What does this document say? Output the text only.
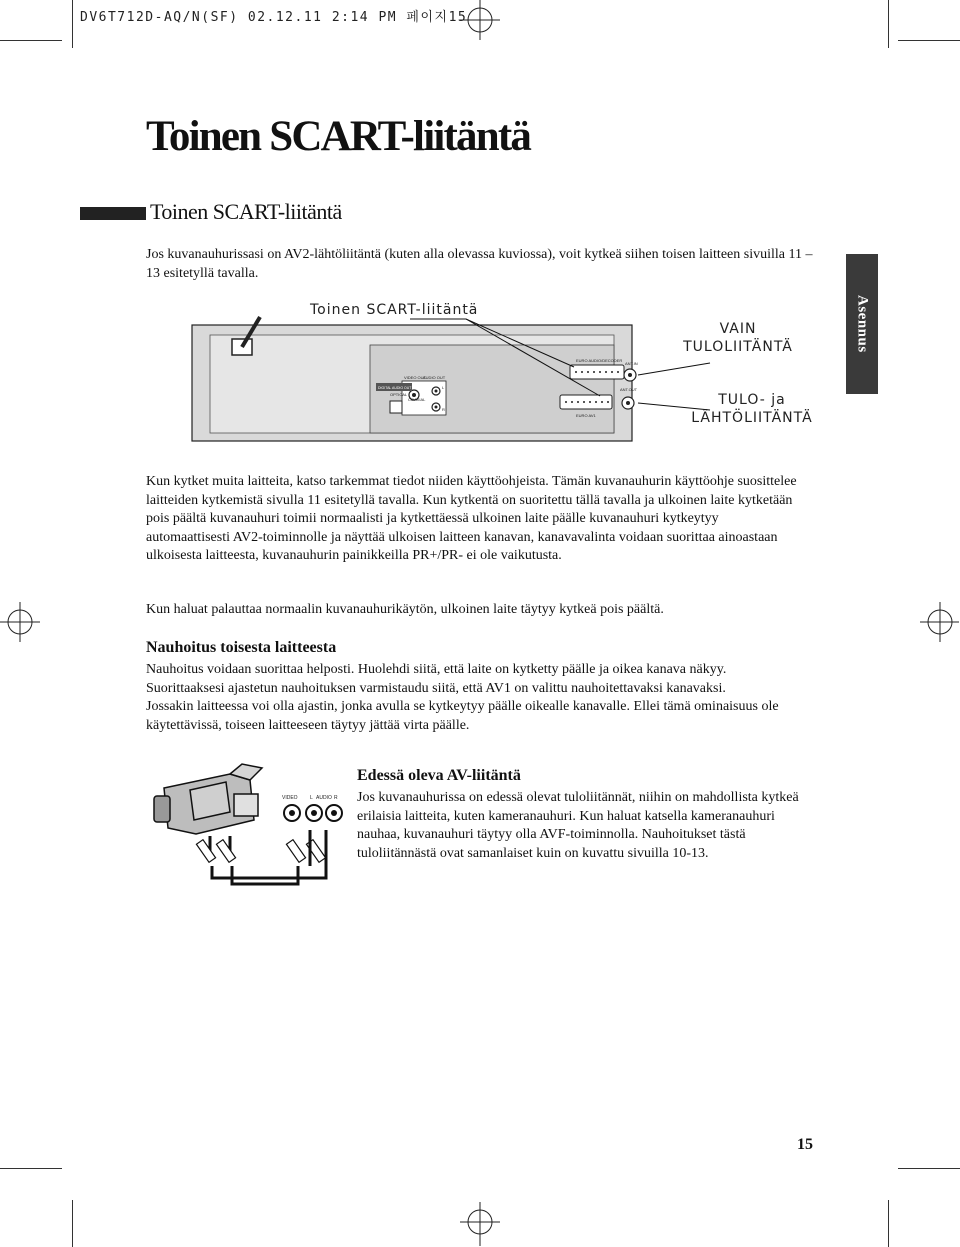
DV6T712D-AQ/N(SF) 02.12.11 2:14 PM 페이지15
Asennus
Toinen SCART-liitäntä
Toinen SCART-liitäntä

Jos kuvanauhurissasi on AV2-lähtöliitäntä (kuten alla olevassa kuviossa), voit kytkeä siihen toisen laitteen sivuilla 11 – 13 esitetyllä tavalla.

EURO AUDIO/DECODER
ANT.IN
VIDEO OUT
AUDIO OUT
L
R
DIGITAL AUDIO OUT
OPTICAL
COAXIAL
ANT.OUT
EURO AV1
Toinen SCART-liitäntä
VAIN
TULOLIITÄNTÄ
TULO- ja
LÄHTÖLIITÄNTÄ

Kun kytket muita laitteita, katso tarkemmat tiedot niiden käyttöohjeista. Tämän kuvanauhurin käyttöohje suosittelee laitteiden kytkemistä sivulla 11 esitetyllä tavalla. Kun kytkentä on suoritettu tällä tavalla ja ulkoinen laite kytketään pois päältä kuvanauhuri toimii normaalisti ja kytkettäessä ulkoinen laite päälle kuvanauhuri kytkeytyy automaattisesti AV2-toiminnolle ja näyttää ulkoisen laitteen kanavan, kanavavalinta voidaan suorittaa ainoastaan ulkoisesta laitteesta, kuvanauhurin painikkeilla PR+/PR- ei ole vaikutusta.

Kun haluat palauttaa normaalin kuvanauhurikäytön, ulkoinen laite täytyy kytkeä pois päältä.

Nauhoitus toisesta laitteesta

Nauhoitus voidaan suorittaa helposti. Huolehdi siitä, että laite on kytketty päälle ja oikea kanava näkyy.

Suorittaaksesi ajastetun nauhoituksen varmistaudu siitä, että AV1 on valittu nauhoitettavaksi kanavaksi.

Jossakin laitteessa voi olla ajastin, jonka avulla se kytkeytyy päälle oikealle kanavalle. Ellei tämä ominaisuus ole käytettävissä, toiseen laitteeseen täytyy jättää virta päälle.

VIDEO L AUDIO R
Edessä oleva AV-liitäntä

Jos kuvanauhurissa on edessä olevat tuloliitännät, niihin on mahdollista kytkeä erilaisia laitteita, kuten kameranauhuri. Kun haluat katsella kameranauhuri nauhaa, kuvanauhuri täytyy olla AVF-toiminnolla. Nauhoitukset tästä tuloliitännästä ovat samanlaiset kuin on kuvattu sivuilla 10-13.

15
